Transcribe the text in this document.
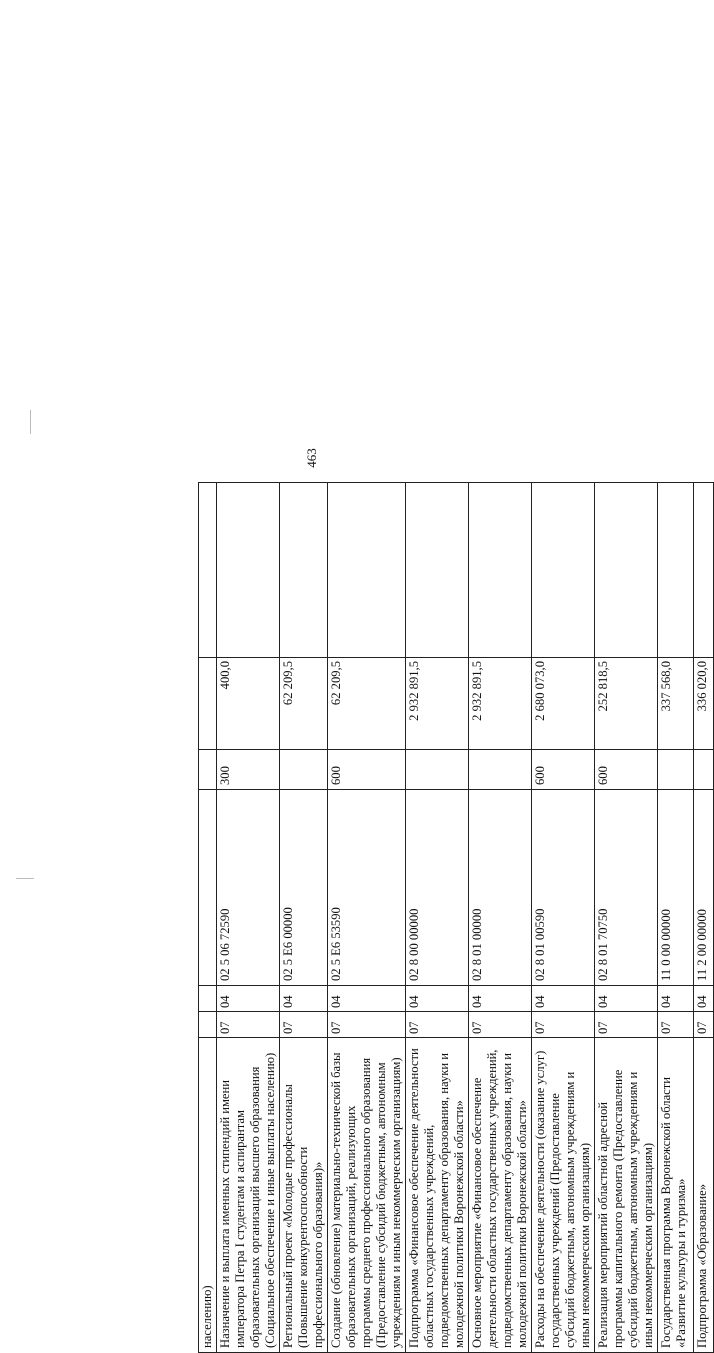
463
населению)						
Назначение и выплата именных стипендий имени императора Петра I студентам и аспирантам образовательных организаций высшего образования (Социальное обеспечение и иные выплаты населению)	07	04	02 5 06 72590	300	400,0	
Региональный проект «Молодые профессионалы (Повышение конкурентоспособности профессионального образования)»	07	04	02 5 Е6 00000		62 209,5	
Создание (обновление) материально-технической базы образовательных организаций, реализующих программы среднего профессионального образования (Предоставление субсидий бюджетным, автономным учреждениям и иным некоммерческим организациям)	07	04	02 5 Е6 53590	600	62 209,5	
Подпрограмма «Финансовое обеспечение деятельности областных государственных учреждений, подведомственных департаменту образования, науки и молодежной политики Воронежской области»	07	04	02 8 00 00000		2 932 891,5	
Основное мероприятие «Финансовое обеспечение деятельности областных государственных учреждений, подведомственных департаменту образования, науки и молодежной политики Воронежской области»	07	04	02 8 01 00000		2 932 891,5	
Расходы на обеспечение деятельности (оказание услуг) государственных учреждений (Предоставление субсидий бюджетным, автономным учреждениям и иным некоммерческим организациям)	07	04	02 8 01 00590	600	2 680 073,0	
Реализация мероприятий областной адресной программы капитального ремонта (Предоставление субсидий бюджетным, автономным учреждениям и иным некоммерческим организациям)	07	04	02 8 01 70750	600	252 818,5	
Государственная программа Воронежской области «Развитие культуры и туризма»	07	04	11 0 00 00000		337 568,0	
Подпрограмма «Образование»	07	04	11 2 00 00000		336 020,0	
